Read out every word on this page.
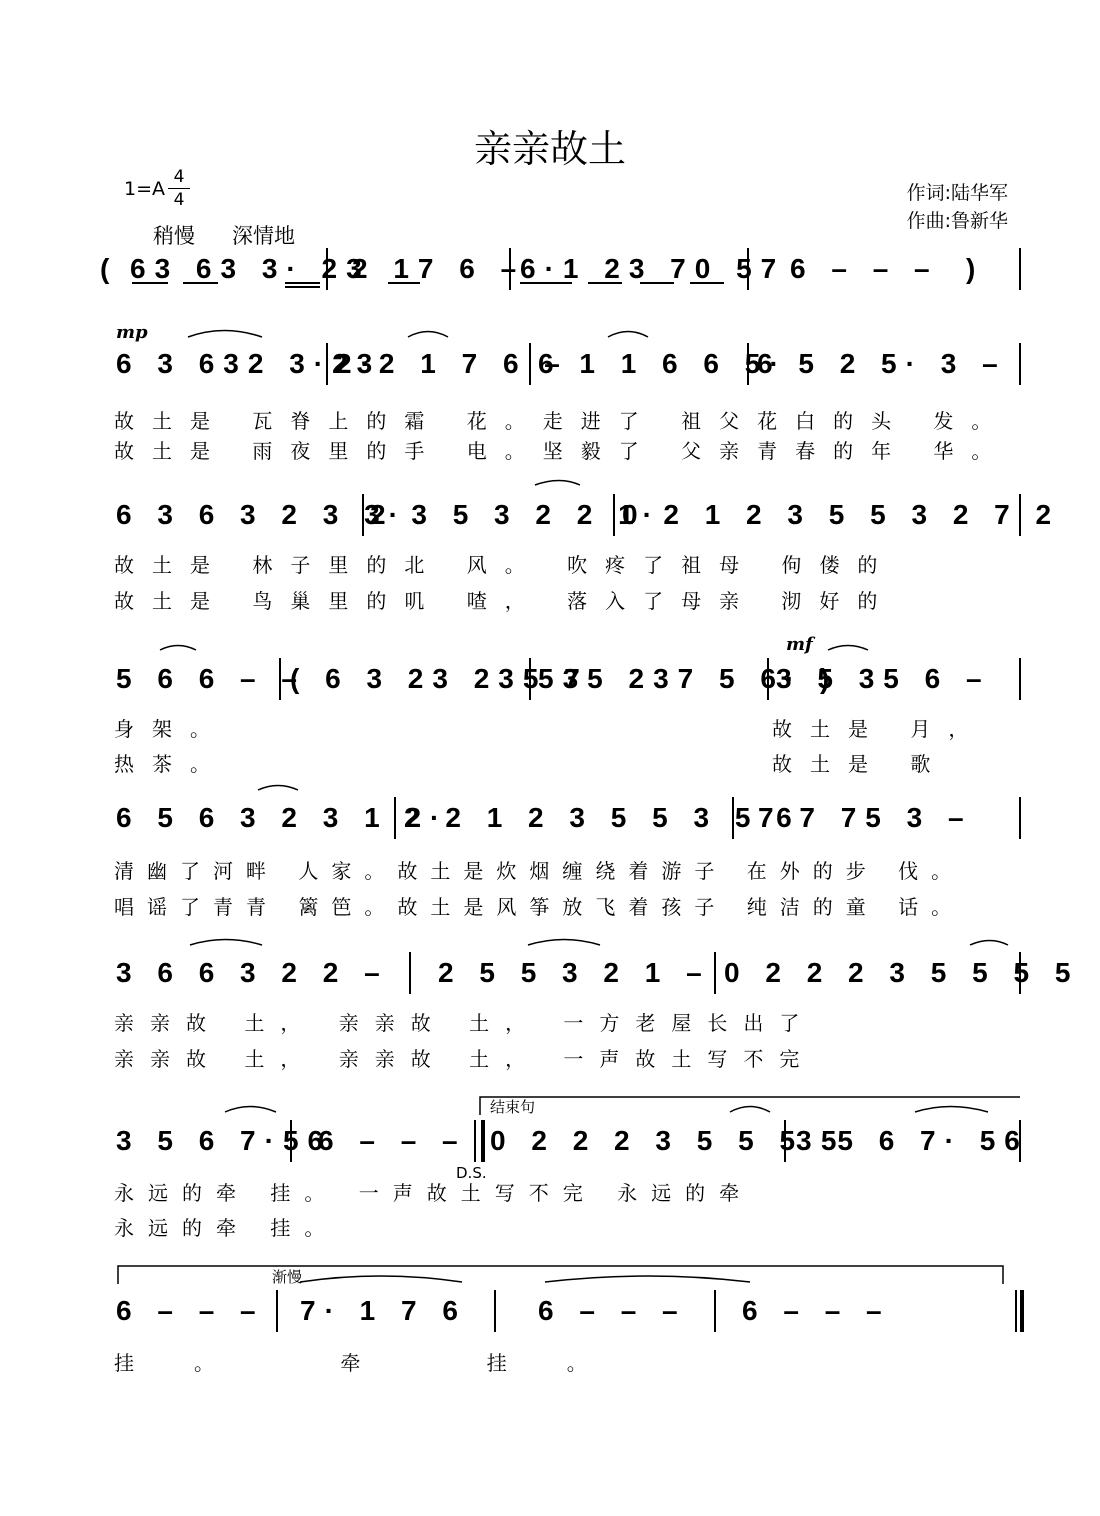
亲亲故土
1=A
4
4	作词:陆华军
作曲:鲁新华
稍慢 深情地
( 63 63 3· 23
2 17 6 –
6·1 23 70 57 6 – – – )
mp
6 3 632 3·23
2·2 1 7 6 –
6 1 1 6 6 5·
6 5 2 5· 3 –
故土是 瓦脊上的霜 花。走进了 祖父花白的头 发。
故土是 雨夜里的手 电。坚毅了 父亲青春的年 华。
6 3 6 3 2 3 3·
2 3 5 3 2 2 1·
0 2 1 2 3 5 5 3 2 7 2
故土是 林子里的北 风。 吹疼了祖母 佝偻的
故土是 鸟巢里的叽 喳， 落入了母亲 沏好的
mf
5 6 6 – –
( 6 3 23 235 7
535 237 5 6· )
3 5 35 6 –
身架。
热茶。
故土是 月，
故土是 歌
6 5 6 3 2 3 1 2·
2 2 1 2 3 5 5 3 5 6
7 7 75 3 –
清幽了河畔 人家。故土是炊烟缠绕着游子 在外的步 伐。
唱谣了青青 篱笆。故土是风筝放飞着孩子 纯洁的童 话。
3 6 6 3 2 2 – 2 5 5 3 2 1 – 0 2 2 2 3 5 5 5 5
亲亲故 土， 亲亲故 土， 一方老屋长出了
亲亲故 土， 亲亲故 土， 一声故土写不完
结束句
3 5 6 7·56
6 – – – 0 2 2 2 3 5 5 5 5
3 5 6 7· 56
D.S.
永远的牵 挂。 一声故土写不完 永远的牵
永远的牵 挂。
渐慢
6 – – – 7· 1 7 6	6 – – – 6 – – –
挂。 牵 挂。
